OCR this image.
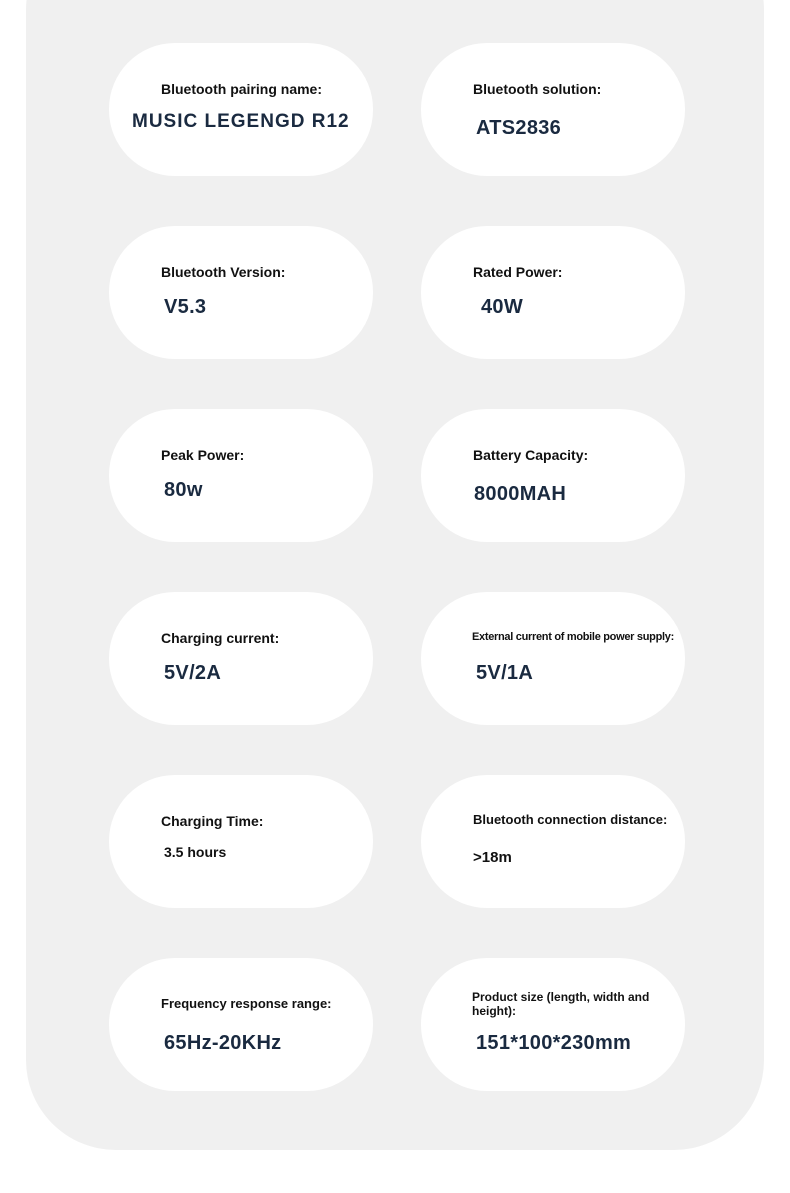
Bluetooth pairing name:
MUSIC LEGENGD R12
Bluetooth solution:
ATS2836
Bluetooth Version:
V5.3
Rated Power:
40W
Peak Power:
80w
Battery Capacity:
8000MAH
Charging current:
5V/2A
External current of mobile power supply:
5V/1A
Charging Time:
3.5 hours
Bluetooth connection distance:
>18m
Frequency response range:
65Hz-20KHz
Product size (length, width and height):
151*100*230mm
